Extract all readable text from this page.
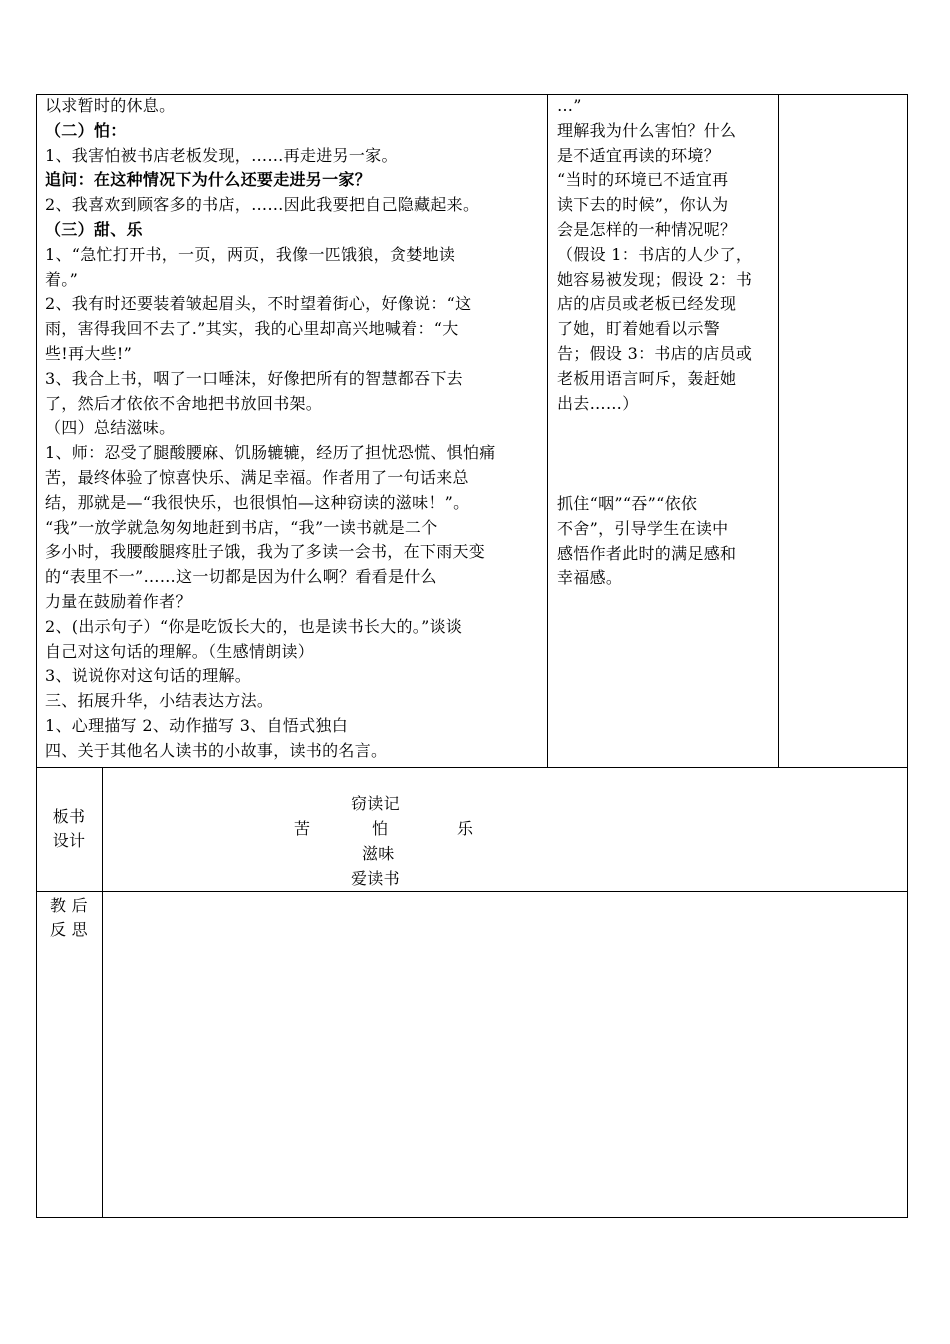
以求暂时的休息。

（二）怕：

1、我害怕被书店老板发现，……再走进另一家。

追问：在这种情况下为什么还要走进另一家？

2、我喜欢到顾客多的书店，……因此我要把自己隐藏起来。

（三）甜、乐

1、“急忙打开书，一页，两页，我像一匹饿狼，贪婪地读

着。”

2、我有时还要装着皱起眉头，不时望着街心，好像说：“这

雨，害得我回不去了.”其实，我的心里却高兴地喊着：“大

些!再大些!”

3、我合上书，咽了一口唾沫，好像把所有的智慧都吞下去

了，然后才依依不舍地把书放回书架。

（四）总结滋味。

1、师：忍受了腿酸腰麻、饥肠辘辘，经历了担忧恐慌、惧怕痛

苦，最终体验了惊喜快乐、满足幸福。作者用了一句话来总

结，那就是—“我很快乐，也很惧怕—这种窃读的滋味！”。

“我”一放学就急匆匆地赶到书店，“我”一读书就是二个

多小时，我腰酸腿疼肚子饿，我为了多读一会书，在下雨天变

的“表里不一”……这一切都是因为什么啊？看看是什么

力量在鼓励着作者？

2、(出示句子）“你是吃饭长大的，也是读书长大的。”谈谈

自己对这句话的理解。（生感情朗读）

3、说说你对这句话的理解。

三、拓展升华，小结表达方法。

1、心理描写 2、动作描写 3、自悟式独白

四、关于其他名人读书的小故事，读书的名言。

…”

理解我为什么害怕？什么

是不适宜再读的环境？

“当时的环境已不适宜再

读下去的时候”，你认为

会是怎样的一种情况呢？

（假设 1：书店的人少了，

她容易被发现；假设 2：书

店的店员或老板已经发现

了她，盯着她看以示警

告；假设 3：书店的店员或

老板用语言呵斥，轰赶她

出去……）

抓住“咽”“吞”“依依

不舍”，引导学生在读中

感悟作者此时的满足感和

幸福感。

板书

设计

窃读记
苦	怕	乐
滋味
爱读书

教 后

反 思
